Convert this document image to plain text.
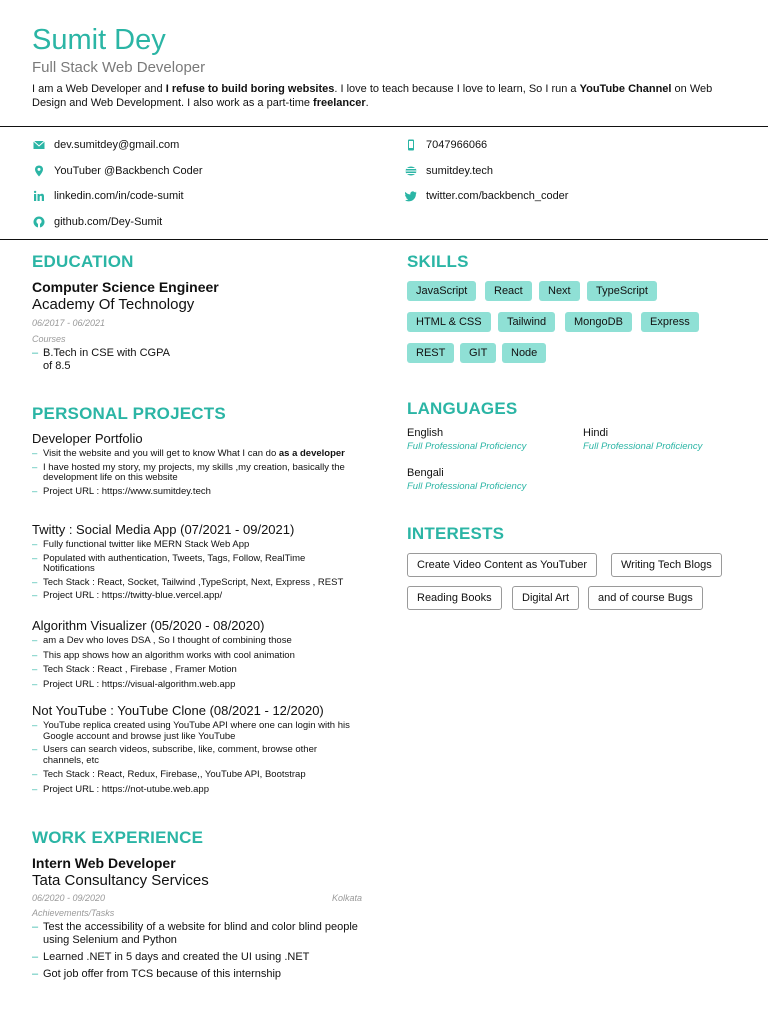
Sumit Dey
Full Stack Web Developer
I am a Web Developer and I refuse to build boring websites. I love to teach because I love to learn, So I run a YouTube Channel on Web Design and Web Development. I also work as a part-time freelancer.
dev.sumitdey@gmail.com	7047966066
YouTuber @Backbench Coder	sumitdey.tech
linkedin.com/in/code-sumit	twitter.com/backbench_coder
github.com/Dey-Sumit
EDUCATION
Computer Science Engineer
Academy Of Technology
06/2017 - 06/2021
Courses
– B.Tech in CSE with CGPA of 8.5
SKILLS
JavaScript	React	Next	TypeScript
HTML & CSS	Tailwind	MongoDB	Express
REST	GIT	Node
PERSONAL PROJECTS
Developer Portfolio
– Visit the website and you will get to know What I can do as a developer
– I have hosted my story, my projects, my skills ,my creation, basically the development life on this website
– Project URL : https://www.sumitdey.tech
Twitty : Social Media App (07/2021 - 09/2021)
– Fully functional twitter like MERN Stack Web App
– Populated with authentication, Tweets, Tags, Follow, RealTime Notifications
– Tech Stack : React, Socket, Tailwind ,TypeScript, Next, Express , REST
– Project URL : https://twitty-blue.vercel.app/
Algorithm Visualizer (05/2020 - 08/2020)
– am a Dev who loves DSA , So I thought of combining those
– This app shows how an algorithm works with cool animation
– Tech Stack : React , Firebase , Framer Motion
– Project URL : https://visual-algorithm.web.app
Not YouTube : YouTube Clone (08/2021 - 12/2020)
– YouTube replica created using YouTube API where one can login with his Google account and browse just like YouTube
– Users can search videos, subscribe, like, comment, browse other channels, etc
– Tech Stack : React, Redux, Firebase,, YouTube API, Bootstrap
– Project URL : https://not-utube.web.app
LANGUAGES
English
Full Professional Proficiency
Hindi
Full Professional Proficiency
Bengali
Full Professional Proficiency
INTERESTS
Create Video Content as YouTuber	Writing Tech Blogs
Reading Books	Digital Art	and of course Bugs
WORK EXPERIENCE
Intern Web Developer
Tata Consultancy Services
06/2020 - 09/2020	Kolkata
Achievements/Tasks
– Test the accessibility of a website for blind and color blind people using Selenium and Python
– Learned .NET in 5 days and created the UI using .NET
– Got job offer from TCS because of this internship
